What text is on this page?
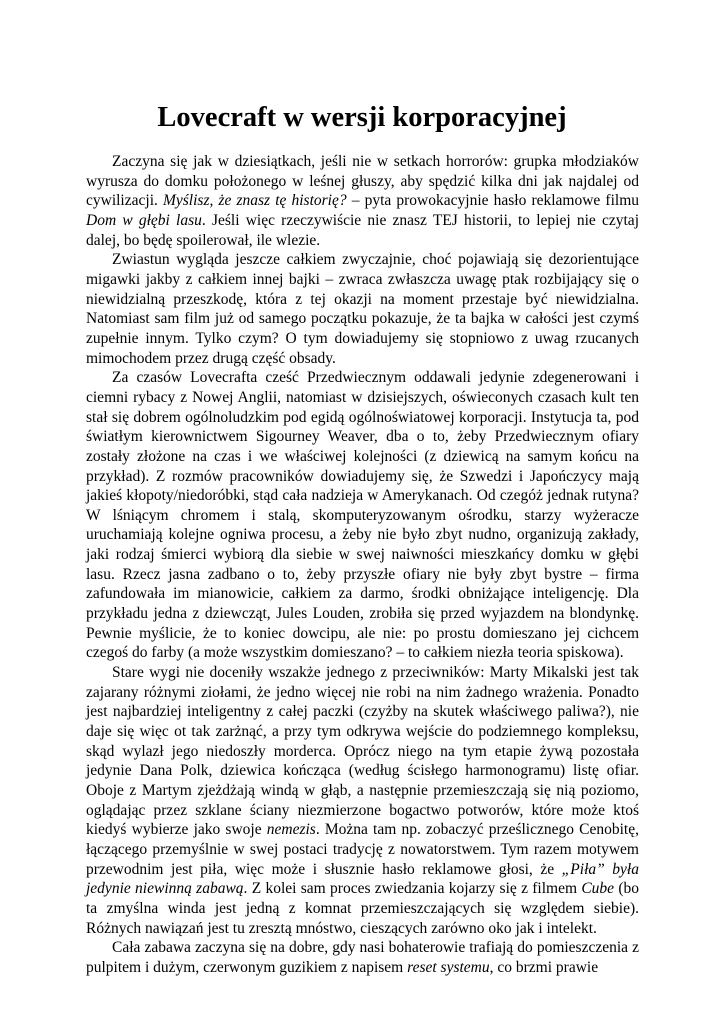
Lovecraft w wersji korporacyjnej

Zaczyna się jak w dziesiątkach, jeśli nie w setkach horrorów: grupka młodziaków wyrusza do domku położonego w leśnej głuszy, aby spędzić kilka dni jak najdalej od cywilizacji. Myślisz, że znasz tę historię? – pyta prowokacyjnie hasło reklamowe filmu Dom w głębi lasu. Jeśli więc rzeczywiście nie znasz TEJ historii, to lepiej nie czytaj dalej, bo będę spoilerował, ile wlezie.

Zwiastun wygląda jeszcze całkiem zwyczajnie, choć pojawiają się dezorientujące migawki jakby z całkiem innej bajki – zwraca zwłaszcza uwagę ptak rozbijający się o niewidzialną przeszkodę, która z tej okazji na moment przestaje być niewidzialna. Natomiast sam film już od samego początku pokazuje, że ta bajka w całości jest czymś zupełnie innym. Tylko czym? O tym dowiadujemy się stopniowo z uwag rzucanych mimochodem przez drugą część obsady.

Za czasów Lovecrafta cześć Przedwiecznym oddawali jedynie zdegenerowani i ciemni rybacy z Nowej Anglii, natomiast w dzisiejszych, oświeconych czasach kult ten stał się dobrem ogólnoludzkim pod egidą ogólnoświatowej korporacji. Instytucja ta, pod światłym kierownictwem Sigourney Weaver, dba o to, żeby Przedwiecznym ofiary zostały złożone na czas i we właściwej kolejności (z dziewicą na samym końcu na przykład). Z rozmów pracowników dowiadujemy się, że Szwedzi i Japończycy mają jakieś kłopoty/niedoróbki, stąd cała nadzieja w Amerykanach. Od czegóż jednak rutyna? W lśniącym chromem i stalą, skomputeryzowanym ośrodku, starzy wyżeracze uruchamiają kolejne ogniwa procesu, a żeby nie było zbyt nudno, organizują zakłady, jaki rodzaj śmierci wybiorą dla siebie w swej naiwności mieszkańcy domku w głębi lasu. Rzecz jasna zadbano o to, żeby przyszłe ofiary nie były zbyt bystre – firma zafundowała im mianowicie, całkiem za darmo, środki obniżające inteligencję. Dla przykładu jedna z dziewcząt, Jules Louden, zrobiła się przed wyjazdem na blondynkę. Pewnie myślicie, że to koniec dowcipu, ale nie: po prostu domieszano jej cichcem czegoś do farby (a może wszystkim domieszano? – to całkiem niezła teoria spiskowa).

Stare wygi nie doceniły wszakże jednego z przeciwników: Marty Mikalski jest tak zajarany różnymi ziołami, że jedno więcej nie robi na nim żadnego wrażenia. Ponadto jest najbardziej inteligentny z całej paczki (czyżby na skutek właściwego paliwa?), nie daje się więc ot tak zarżnąć, a przy tym odkrywa wejście do podziemnego kompleksu, skąd wylazł jego niedoszły morderca. Oprócz niego na tym etapie żywą pozostała jedynie Dana Polk, dziewica kończąca (według ścisłego harmonogramu) listę ofiar. Oboje z Martym zjeżdżają windą w głąb, a następnie przemieszczają się nią poziomo, oglądając przez szklane ściany niezmierzone bogactwo potworów, które może ktoś kiedyś wybierze jako swoje nemezis. Można tam np. zobaczyć prześlicznego Cenobitę, łączącego przemyślnie w swej postaci tradycję z nowatorstwem. Tym razem motywem przewodnim jest piła, więc może i słusznie hasło reklamowe głosi, że „Piła” była jedynie niewinną zabawą. Z kolei sam proces zwiedzania kojarzy się z filmem Cube (bo ta zmyślna winda jest jedną z komnat przemieszczających się względem siebie). Różnych nawiązań jest tu zresztą mnóstwo, cieszących zarówno oko jak i intelekt.

Cała zabawa zaczyna się na dobre, gdy nasi bohaterowie trafiają do pomieszczenia z pulpitem i dużym, czerwonym guzikiem z napisem reset systemu, co brzmi prawie
